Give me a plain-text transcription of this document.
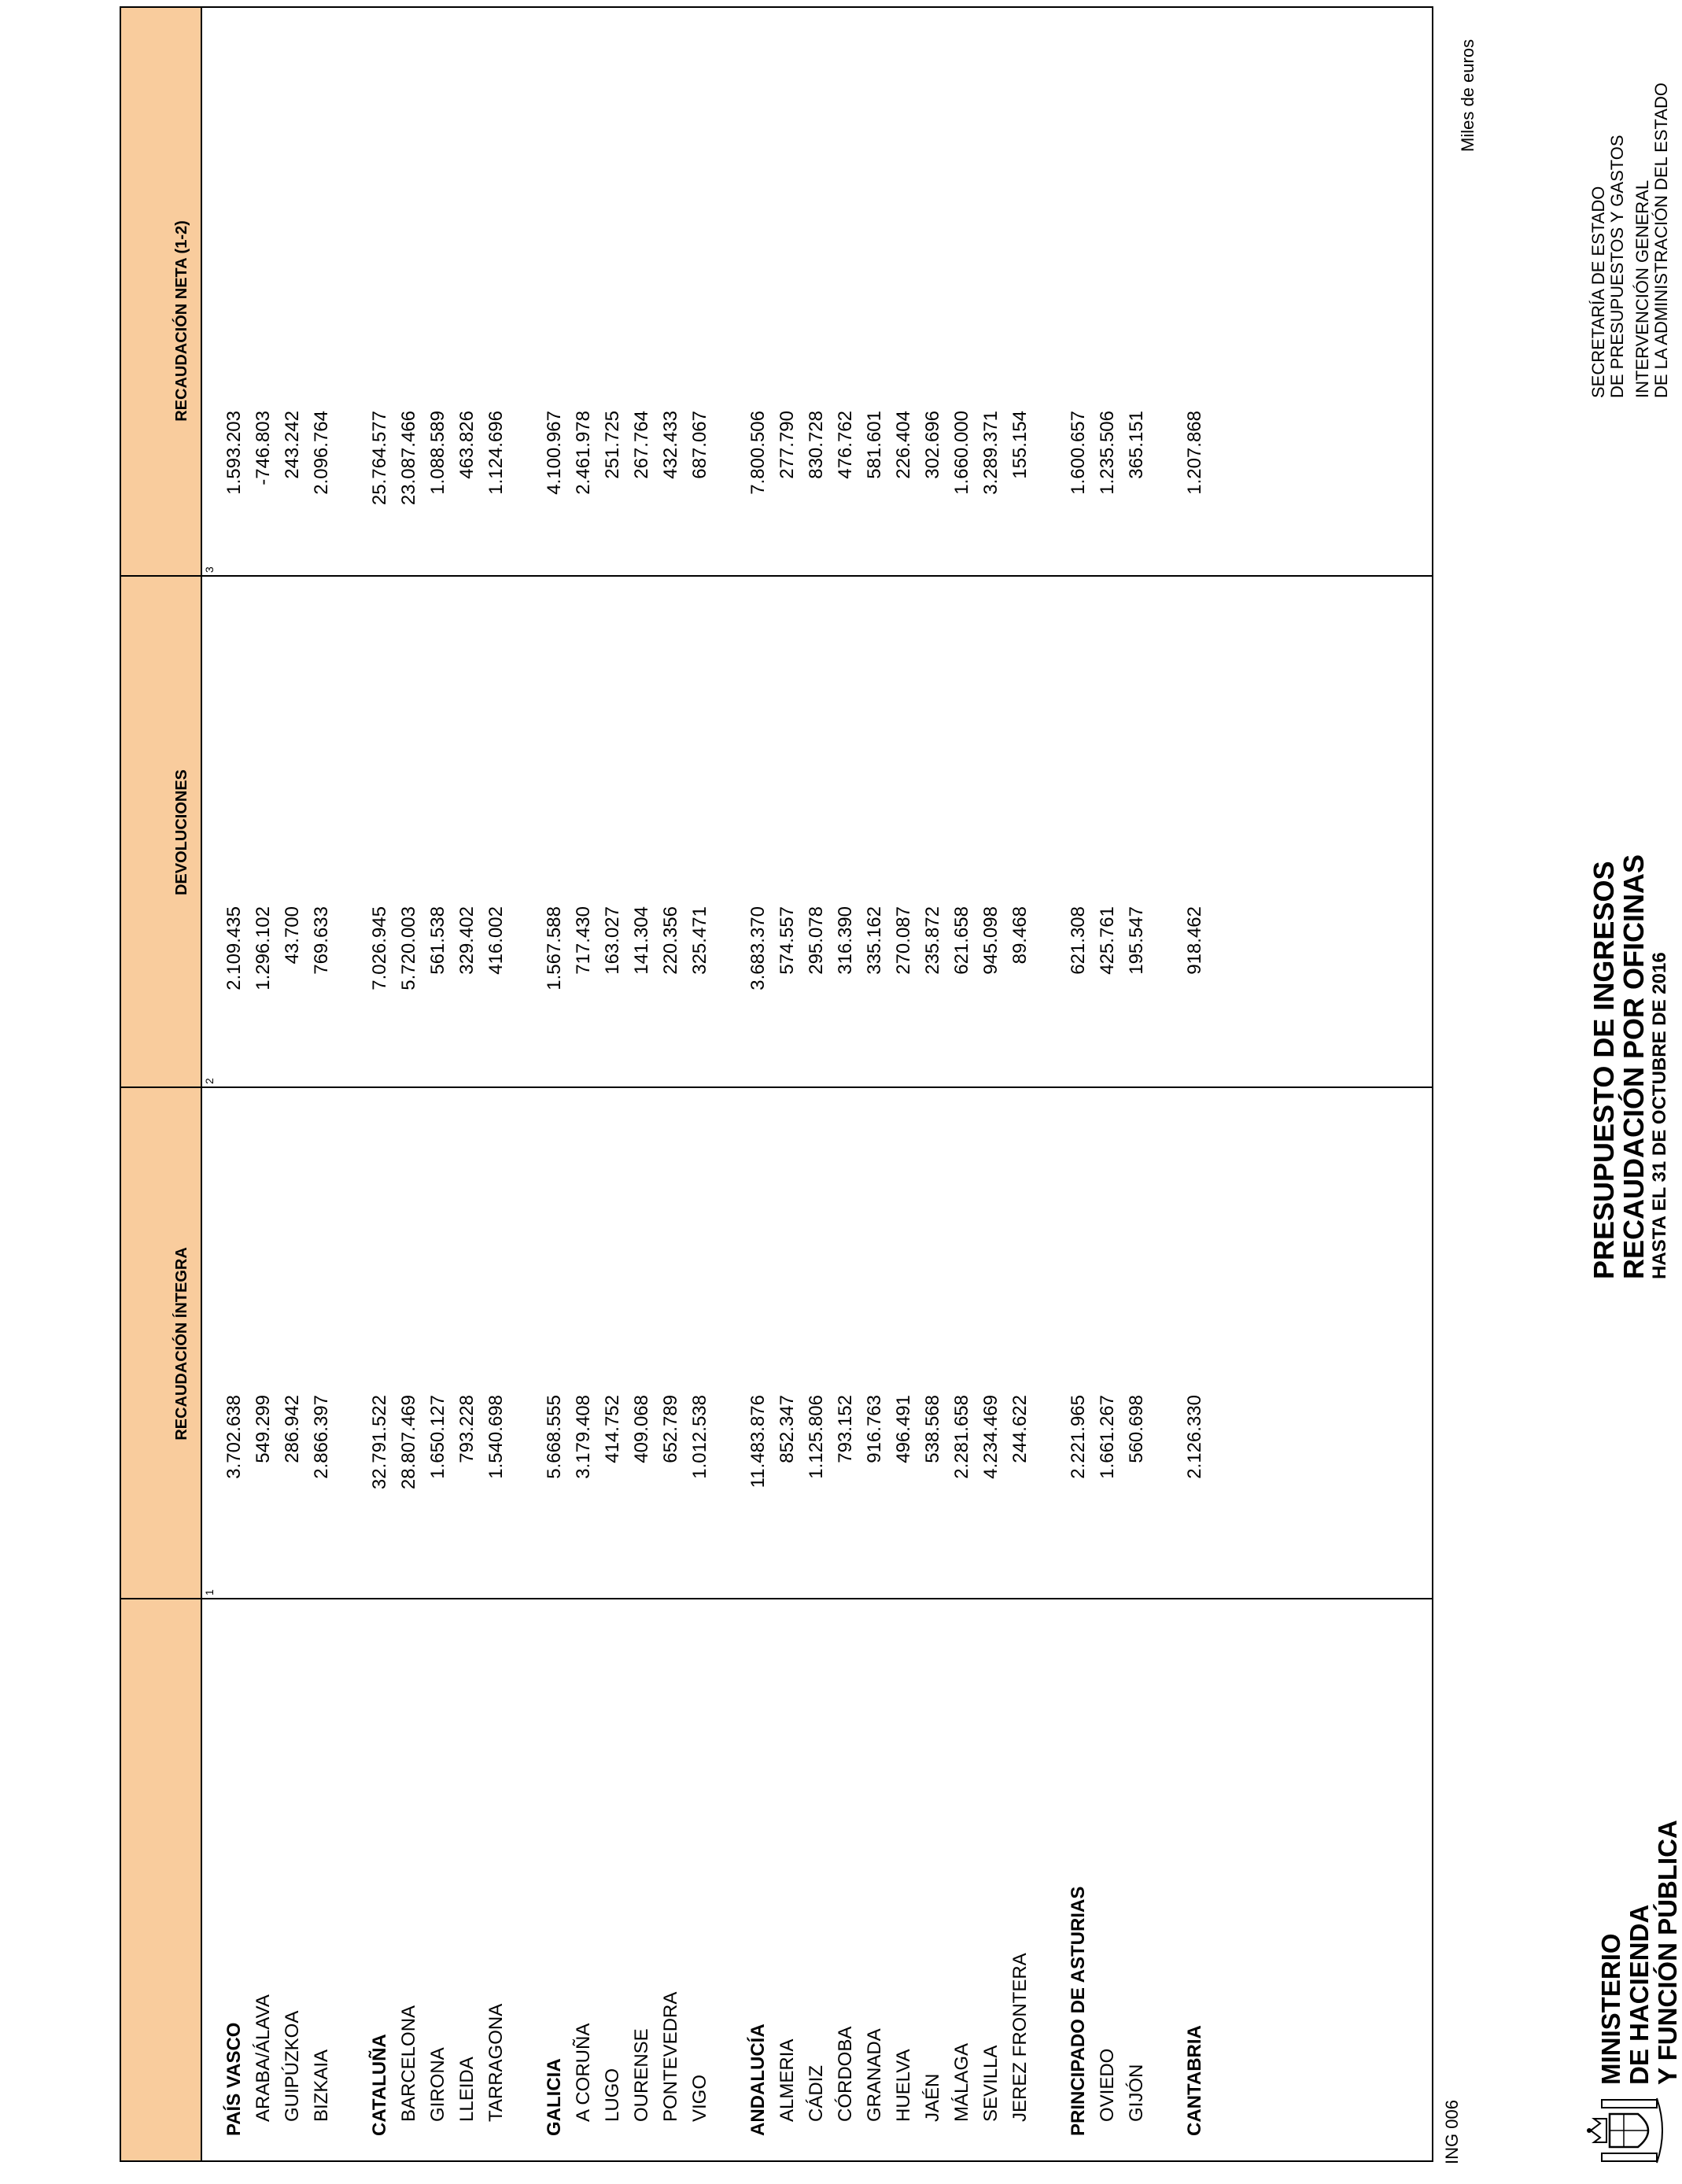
MINISTERIO DE HACIENDA Y FUNCIÓN PÚBLICA
PRESUPUESTO DE INGRESOS
RECAUDACIÓN POR OFICINAS HASTA EL 31 DE OCTUBRE DE 2016
SECRETARÍA DE ESTADO DE PRESUPUESTOS Y GASTOS INTERVENCIÓN GENERAL DE LA ADMINISTRACIÓN DEL ESTADO
Miles de euros
RECAUDACIÓN ÍNTEGRA
DEVOLUCIONES
RECAUDACIÓN NETA (1-2)
1
2
3
PAÍS VASCO
3.702.638
2.109.435
1.593.203
ARABA/ÁLAVA
549.299
1.296.102
-746.803
GUIPÚZKOA
286.942
43.700
243.242
BIZKAIA
2.866.397
769.633
2.096.764
CATALUÑA
32.791.522
7.026.945
25.764.577
BARCELONA
28.807.469
5.720.003
23.087.466
GIRONA
1.650.127
561.538
1.088.589
LLEIDA
793.228
329.402
463.826
TARRAGONA
1.540.698
416.002
1.124.696
GALICIA
5.668.555
1.567.588
4.100.967
A CORUÑA
3.179.408
717.430
2.461.978
LUGO
414.752
163.027
251.725
OURENSE
409.068
141.304
267.764
PONTEVEDRA
652.789
220.356
432.433
VIGO
1.012.538
325.471
687.067
ANDALUCÍA
11.483.876
3.683.370
7.800.506
ALMERIA
852.347
574.557
277.790
CÁDIZ
1.125.806
295.078
830.728
CÓRDOBA
793.152
316.390
476.762
GRANADA
916.763
335.162
581.601
HUELVA
496.491
270.087
226.404
JAÉN
538.568
235.872
302.696
MÁLAGA
2.281.658
621.658
1.660.000
SEVILLA
4.234.469
945.098
3.289.371
JEREZ FRONTERA
244.622
89.468
155.154
PRINCIPADO DE ASTURIAS
2.221.965
621.308
1.600.657
OVIEDO
1.661.267
425.761
1.235.506
GIJÓN
560.698
195.547
365.151
CANTABRIA
2.126.330
918.462
1.207.868
ING 006
